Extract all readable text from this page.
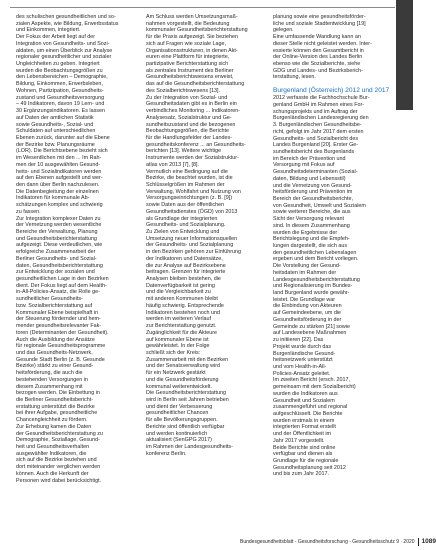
des schulischen gesundheitlichen und so-

zialen Aspekte, wie Bildung, Erwerbsstatus

und Einkommen, integriert.

Der Fokus der Arbeit liegt auf der

Integration von Gesundheits- und Sozi-

aldaten, um einen Überblick zur Analyse

regionaler gesundheitlicher und sozialer

Ungleichheiten zu geben. Integriert

wurden die Beobachtungsgrößen zu

den Lebensbereichen – Demographie,

Bildung, Einkommen, Erwerbsleben,

Wohnen, Partizipation, Gesundheits-

zustand und Gesundheitsversorgung

– 49 Indikatoren, davon 19 Lern- und

30 Ergänzungsindikatoren. Es lassen

auf Daten der amtlichen Statistik

sowie Gesundheits-, Sozial- und

Schuldaten auf unterschiedlichen

Ebenen zurück, darunter auf die Ebene

der Bezirke bzw. Planungsräume

(LOR). Die Berichtsebene bezieht sich

im Wesentlichen mit den ... Im Rah-

men der 10 ausgewählten Gesund-

heits- und Sozialindikatoren werden

auf den Ebenen aufgestellt und wer-

den dann über Berlin nachzulesen.

Die Datenbegleitung der einzelnen

Indikatoren für kommunale Ab-

schätzungen komplex und schwierig

zu fassen.

Zur Integration komplexer Daten zu

der Vernetzung werden wesentliche

Bereiche der Verwaltung, Planung

und Gesundheitsberichterstattung

aufgezeigt. Diese verdeutlichen, wie

erfolgreiche Zusammenarbeit der

Berliner Gesundheits- und Sozial-

daten, Gesundheitsberichterstattung

zur Entwicklung der sozialen und

gesundheitlichen Lage in den Bezirken

dient. Der Fokus liegt auf dem Health-

in-All-Policies-Ansatz, die Rolle ge-

sundheitlicher Gesundheits-

bzw. Sozialberichterstattung auf

Kommunaler Ebene beispielhaft in

der Steuerung fördernder und hem-

mender gesundheitsrelevanter Fak-

toren (Determinanten der Gesundheit).

Auch die Ausbildung der Ansätze

für regionale Gesundheitsprogramme

und das Gesundheits-Netzwerk,

Gesunde Stadt Berlin (z. B. Gesunde

Bezirke) stärkt zu einer Gesund-

heitsförderung, die auch die

bestehenden Versorgungen in

diesem Zusammenhang mit

bezogen werden. Die Einbettung in

die Berliner Gesundheitsbericht-

erstattung unterstützt die Bezirke

bei ihrer Aufgabe, gesundheitliche

Chancengleichheit zu fördern.

Zur Erhebung kamen die Daten

der Gesundheitsberichterstattung zu

Demographie, Soziallage, Gesund-

heit und Gesundheitsverhalten

ausgewählter Indikatoren, die

sich auf die Bezirke beziehen und

dort miteinander verglichen werden

können. Auch die Herkunft der

Personen wird dabei berücksichtigt.

Am Schluss werden Umsetzungsmaß-

nahmen vorgestellt, die Bedeutung

kommunaler Gesundheitsberichterstattung

für die Praxis aufgezeigt. Sie beziehen

sich auf Fragen wie soziale Lage,

Organisationsstrukturen, in denen Akt-

euren eine Plattform für integrierte,

partizipative Berichterstattung sich

als zentrales Instrument des Berliner

Gesundheitsberichtswesens erweist,

das auf die Gesundheitsberichterstattung

des Sozialberichtswesens [13].

Zu der Integration von Sozial- und

Gesundheitsdaten gibt es in Berlin ein

verbindliches Monitoring ... Indikatoren-

Analysesatz, Sozialstruktur und Ge-

sundheitszustand und die bezogenen

Beobachtungsgrößen, die Berichte

für die Handlungsfelder der Landes-

gesundheitskonferenz ... an Gesundheits-

berichten [13]. Weitere wichtige

Instrumente werden der Sozialstruktur-

atlas von 2013 [7], [8].

Vermutlich eine Bedingung auf die

Bezirke, die beachtet wurden, ist die

Schlüsselgrößen im Rahmen der

Verwaltung, Wohlfahrt und Nutzung von

Versorgungseinrichtungen (z. B. [9])

sowie Daten aus der öffentlichen

Gesundheitsdienstes (ÖGD) von 2013

als Grundlage der integrierten

Gesundheits- und Sozialplanung.

Zu Zielen von Entwicklung und

Umsetzung neuer Informationsquellen

der Gesundheits- und Sozialplanung

in den Bezirken gehören zur Einführung

der Indikatoren und Datensätze,

die zur Analyse auf Bezirksebene

beitragen. Grenzen für integrierte

Analysen bleiben bestehen, die

Datenverfügbarkeit ist gering

und die Vergleichbarkeit zu

mit anderen Kommunen bleibt

häufig schwierig. Entsprechende

Indikatoren bestehen noch und

werden im weiteren Verlauf

zur Berichterstattung genutzt.

Zugänglichkeit für die Akteure

auf kommunaler Ebene ist

gewährleistet. In der Folge

schließt sich der Kreis:

Zusammenarbeit mit den Bezirken

und der Senatsverwaltung wird

für ein Netzwerk gestärkt

und die Gesundheitsförderung

kommunal weiterentwickelt.

Die Gesundheitsberichterstattung

wird in Berlin seit Jahren betrieben

und dient der Verbesserung

gesundheitlicher Chancen

für alle Bevölkerungsgruppen.

Berichte sind öffentlich verfügbar

und werden kontinuierlich

aktualisiert (SenGPG 2017)

im Rahmen der Landesgesundheits-

konferenz Berlin.

planung sowie eine gesundheitsförder-

liche und soziale Stadtentwicklung [19]

gelegen.

Eine umfassende Wandlung kann an

dieser Stelle nicht geleistet werden. Inter-

essierte können den Gesamtbericht in

der Online-Version des Landes Berlin

ebenso wie die Sozialberichte, siehe

GDG und Landes- und Bezirksberich-

terstattung, lesen.

Burgenland (Österreich) 2012 und 2017

2012 verfasste die Fachhochschule Bur-

genland GmbH im Rahmen eines For-

schungsprojekts und im Auftrag der

Burgenländischen Landesregierung den

3. Burgenländischen Gesundheitsbe-

richt, gefolgt im Jahr 2017 dem ersten

Gesundheits- und Sozialbericht des

Landes Burgenland [20]. Erster Ge-

sundheitsbericht des Burgenlands

im Bereich der Prävention und

Versorgung mit Fokus auf

Gesundheitsdeterminanten (Sozial-

daten, Bildung und Lebensstil)

und die Vernetzung von Gesund-

heitsförderung und Prävention im

Bereich der Gesundheitsberichte,

von Gesundheit, Umwelt und Sozialem

sowie weiterer Bereiche, die aus

Sicht der Versorgung relevant

sind. In diesem Zusammenhang

wurden die Ergebnisse der

Berichtslegung und die Empfeh-

lungen dargestellt, die sich aus

den gesundheitlichen Lebenslagen

ergeben und dem Bericht vorliegen.

Die Vorstellung der Gesund-

heitsdaten im Rahmen der

Landesgesundheitsberichterstattung

und Regionalisierung im Bundes-

land Burgenland wurde gewähr-

leistet. Die Grundlage war

die Einbindung von Akteuren

auf Gemeindeebene, um die

Gesundheitsförderung in der

Gemeinde zu stärken [21] sowie

auf Landesebene Maßnahmen

zu initiieren [22]. Das

Projekt wurde durch das

Burgenländische Gesund-

heitsnetzwerk unterstützt

und vom Health-in-All-

Policies-Ansatz geleitet.

Im zweiten Bericht (ersch. 2017,

gemeinsam mit dem Sozialbericht)

wurden die Indikatoren aus

Gesundheit und Sozialem

zusammengeführt und regional

aufgeschlüsselt. Die Berichte

wurden erstmals in einem

integrierten Format erstellt

und der Öffentlichkeit im

Jahr 2017 vorgestellt.

Beide Berichte sind online

verfügbar und dienen als

Grundlage für die regionale

Gesundheitsplanung seit 2012

und bis zum Jahr 2017.

Bundesgesundheitsblatt - Gesundheitsforschung - Gesundheitsschutz 9 · 2020 1089
